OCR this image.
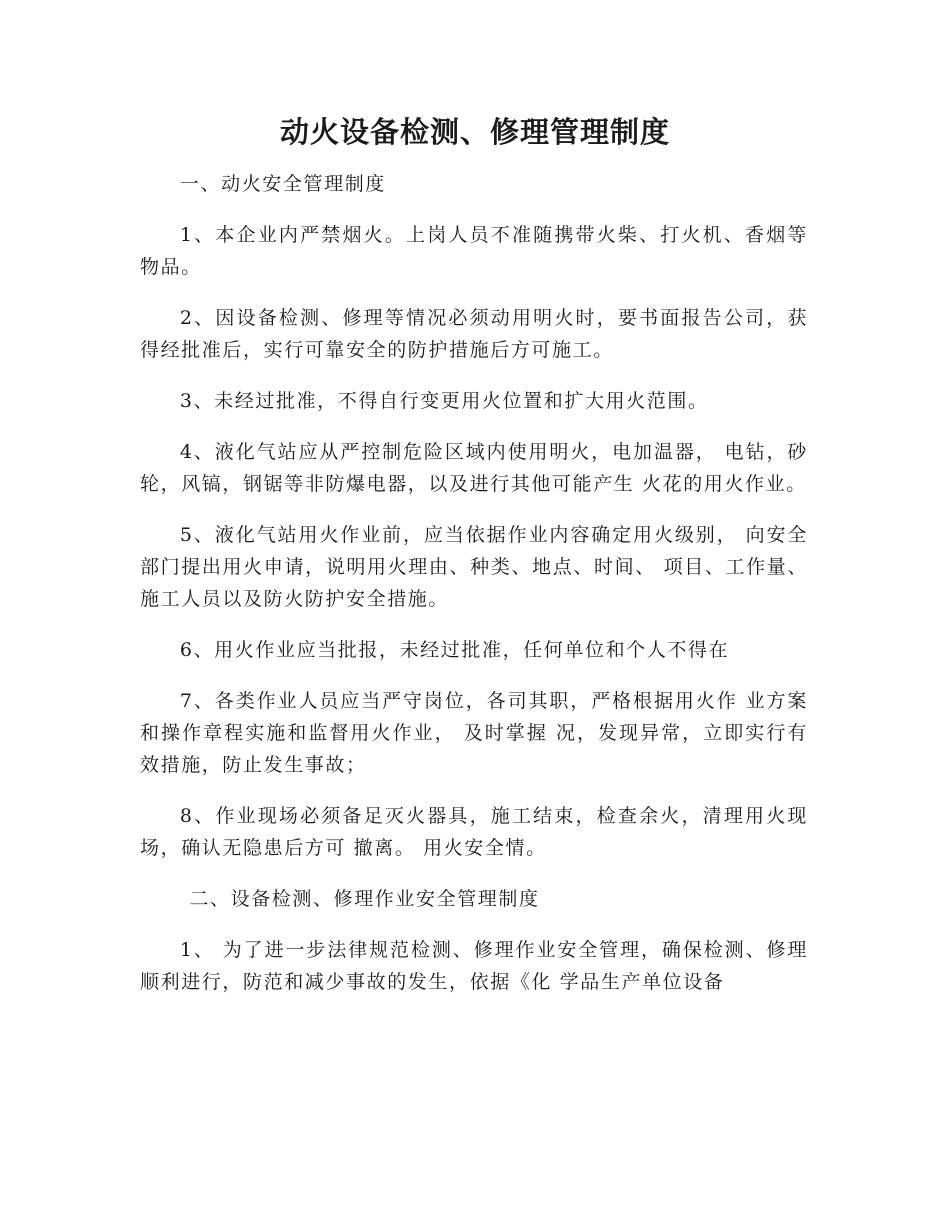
动火设备检测、修理管理制度

一、动火安全管理制度

1、本企业内严禁烟火。上岗人员不准随携带火柴、打火机、香烟等物品。

2、因设备检测、修理等情况必须动用明火时，要书面报告公司，获得经批准后，实行可靠安全的防护措施后方可施工。

3、未经过批准，不得自行变更用火位置和扩大用火范围。

4、液化气站应从严控制危险区域内使用明火，电加温器， 电钻，砂轮，风镐，钢锯等非防爆电器，以及进行其他可能产生 火花的用火作业。

5、液化气站用火作业前，应当依据作业内容确定用火级别， 向安全部门提出用火申请，说明用火理由、种类、地点、时间、 项目、工作量、施工人员以及防火防护安全措施。

6、用火作业应当批报，未经过批准，任何单位和个人不得在

7、各类作业人员应当严守岗位，各司其职，严格根据用火作 业方案和操作章程实施和监督用火作业， 及时掌握 况，发现异常，立即实行有效措施，防止发生事故；

8、作业现场必须备足灭火器具，施工结束，检查余火，清理用火现场，确认无隐患后方可 撤离。 用火安全情。

二、设备检测、修理作业安全管理制度

1、 为了进一步法律规范检测、修理作业安全管理，确保检测、修理顺利进行，防范和减少事故的发生，依据《化 学品生产单位设备
